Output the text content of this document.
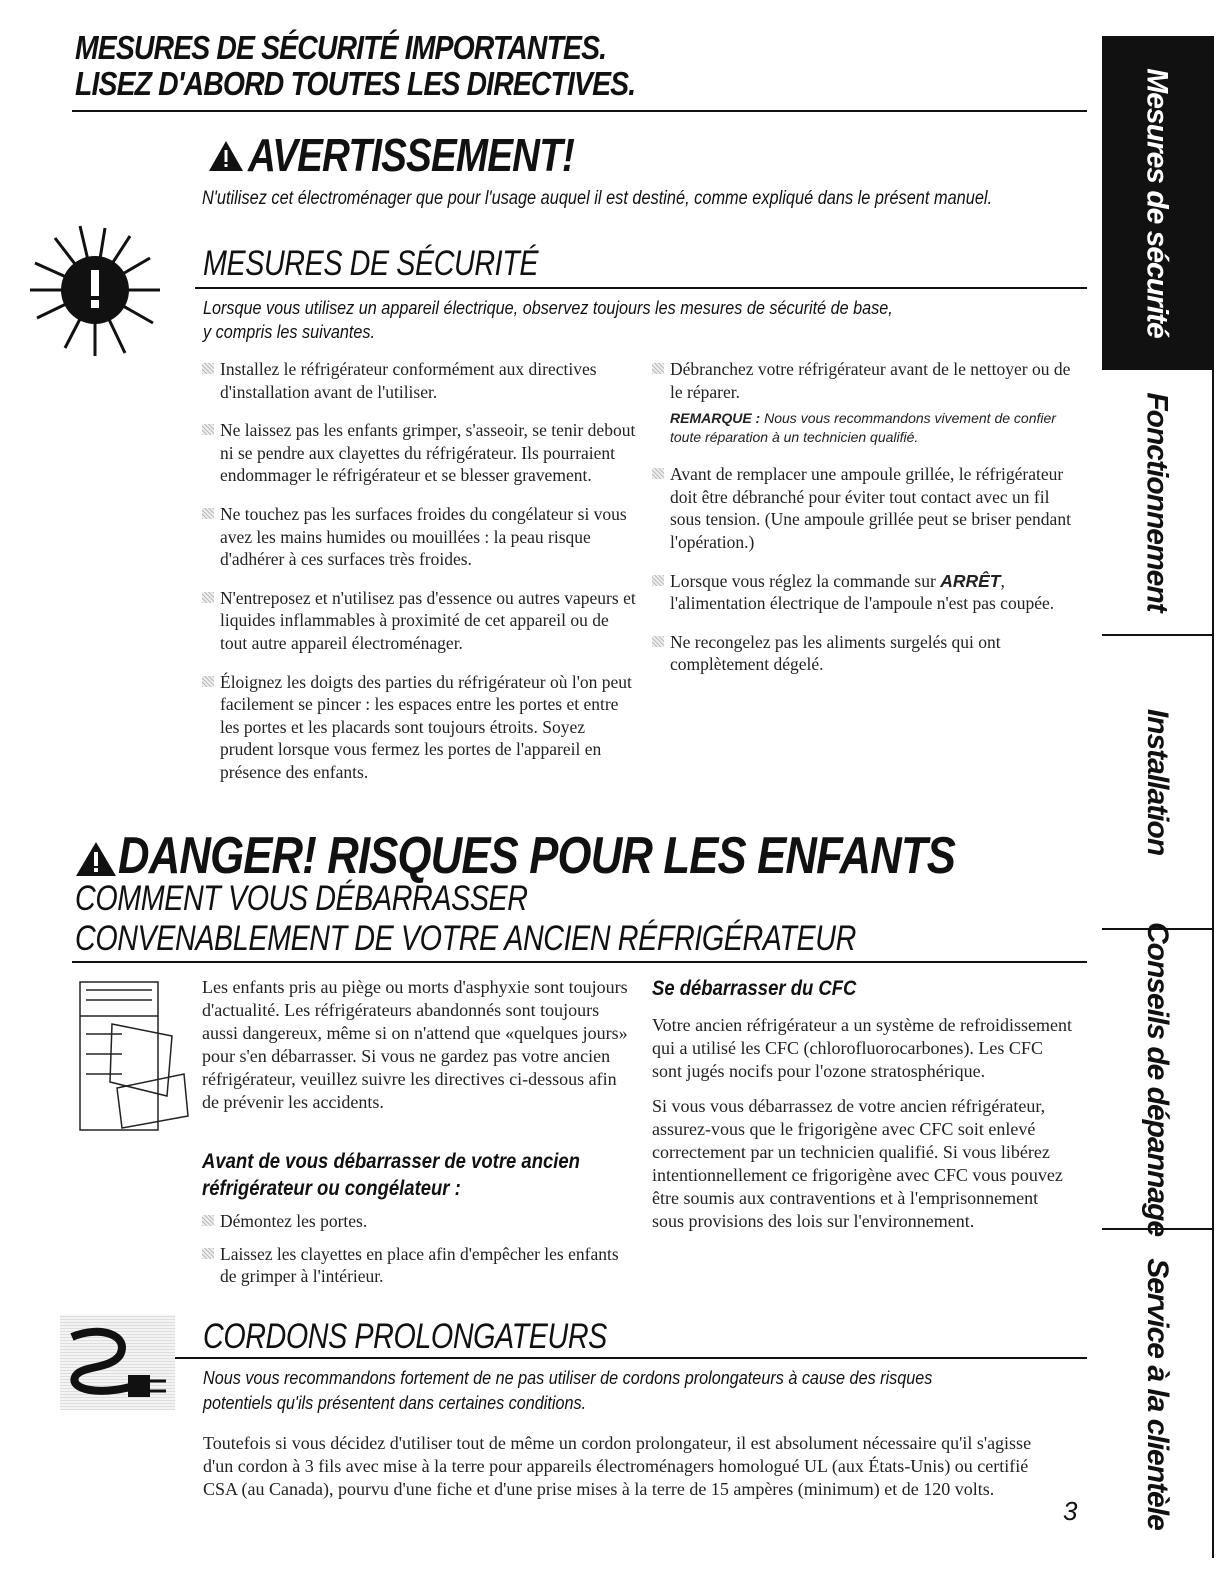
MESURES DE SÉCURITÉ IMPORTANTES.
LISEZ D'ABORD TOUTES LES DIRECTIVES.
AVERTISSEMENT!
N'utilisez cet électroménager que pour l'usage auquel il est destiné, comme expliqué dans le présent manuel.
MESURES DE SÉCURITÉ
Lorsque vous utilisez un appareil électrique, observez toujours les mesures de sécurité de base,
y compris les suivantes.

Installez le réfrigérateur conformément aux directives d'installation avant de l'utiliser.

Ne laissez pas les enfants grimper, s'asseoir, se tenir debout ni se pendre aux clayettes du réfrigérateur. Ils pourraient endommager le réfrigérateur et se blesser gravement.

Ne touchez pas les surfaces froides du congélateur si vous avez les mains humides ou mouillées : la peau risque d'adhérer à ces surfaces très froides.

N'entreposez et n'utilisez pas d'essence ou autres vapeurs et liquides inflammables à proximité de cet appareil ou de tout autre appareil électroménager.

Éloignez les doigts des parties du réfrigérateur où l'on peut facilement se pincer : les espaces entre les portes et entre les portes et les placards sont toujours étroits. Soyez prudent lorsque vous fermez les portes de l'appareil en présence des enfants.

Débranchez votre réfrigérateur avant de le nettoyer ou de le réparer.

REMARQUE : Nous vous recommandons vivement de confier toute réparation à un technicien qualifié.

Avant de remplacer une ampoule grillée, le réfrigérateur doit être débranché pour éviter tout contact avec un fil sous tension. (Une ampoule grillée peut se briser pendant l'opération.)

Lorsque vous réglez la commande sur ARRÊT, l'alimentation électrique de l'ampoule n'est pas coupée.

Ne recongelez pas les aliments surgelés qui ont complètement dégelé.

DANGER! RISQUES POUR LES ENFANTS
COMMENT VOUS DÉBARRASSER
CONVENABLEMENT DE VOTRE ANCIEN RÉFRIGÉRATEUR
Les enfants pris au piège ou morts d'asphyxie sont toujours d'actualité. Les réfrigérateurs abandonnés sont toujours aussi dangereux, même si on n'attend que «quelques jours» pour s'en débarrasser. Si vous ne gardez pas votre ancien réfrigérateur, veuillez suivre les directives ci-dessous afin de prévenir les accidents.
Avant de vous débarrasser de votre ancien réfrigérateur ou congélateur :

Démontez les portes.

Laissez les clayettes en place afin d'empêcher les enfants de grimper à l'intérieur.

Se débarrasser du CFC

Votre ancien réfrigérateur a un système de refroidissement qui a utilisé les CFC (chlorofluorocarbones). Les CFC sont jugés nocifs pour l'ozone stratosphérique.

Si vous vous débarrassez de votre ancien réfrigérateur, assurez-vous que le frigorigène avec CFC soit enlevé correctement par un technicien qualifié. Si vous libérez intentionnellement ce frigorigène avec CFC vous pouvez être soumis aux contraventions et à l'emprisonnement sous provisions des lois sur l'environnement.

CORDONS PROLONGATEURS
Nous vous recommandons fortement de ne pas utiliser de cordons prolongateurs à cause des risques
potentiels qu'ils présentent dans certaines conditions.
Toutefois si vous décidez d'utiliser tout de même un cordon prolongateur, il est absolument nécessaire qu'il s'agisse d'un cordon à 3 fils avec mise à la terre pour appareils électroménagers homologué UL (aux États-Unis) ou certifié CSA (au Canada), pourvu d'une fiche et d'une prise mises à la terre de 15 ampères (minimum) et de 120 volts.
3
Mesures de sécurité
Fonctionnement
Installation
Conseils de dépannage
Service à la clientèle
